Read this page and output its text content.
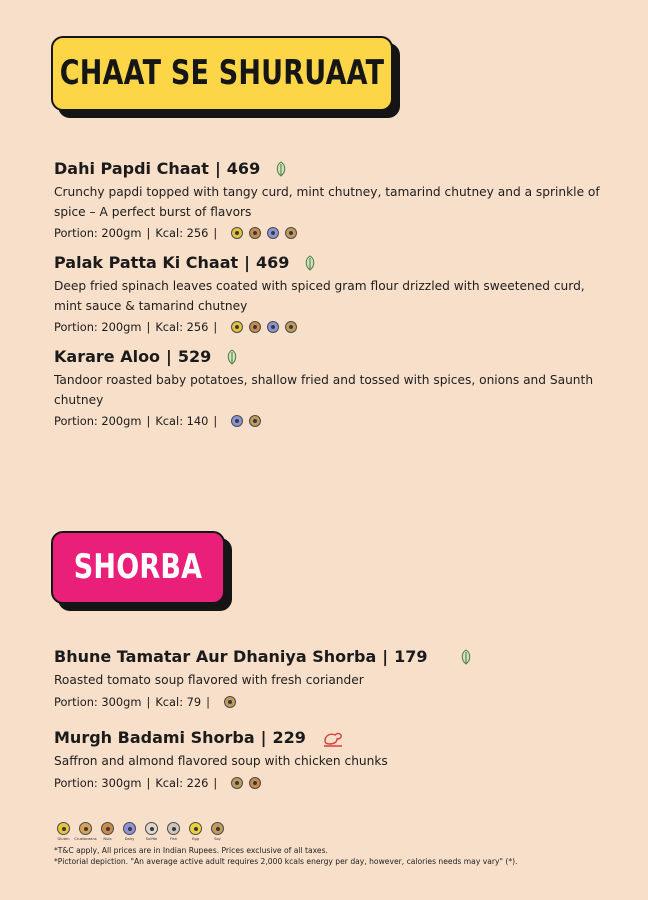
CHAAT SE SHURUAAT
Dahi Papdi Chaat | 469
Crunchy papdi topped with tangy curd, mint chutney, tamarind chutney and a sprinkle of spice – A perfect burst of flavors
Portion: 200gm | Kcal: 256 |
Palak Patta Ki Chaat | 469
Deep fried spinach leaves coated with spiced gram flour drizzled with sweetened curd, mint sauce & tamarind chutney
Portion: 200gm | Kcal: 256 |
Karare Aloo | 529
Tandoor roasted baby potatoes, shallow fried and tossed with spices, onions and Saunth chutney
Portion: 200gm | Kcal: 140 |
SHORBA
Bhune Tamatar Aur Dhaniya Shorba | 179
Roasted tomato soup flavored with fresh coriander
Portion: 300gm | Kcal: 79 |
Murgh Badami Shorba | 229
Saffron and almond flavored soup with chicken chunks
Portion: 300gm | Kcal: 226 |
Gluten Crustaceans Nuts	Dairy	Sulfite	Fish	Egg	Soy
*T&C apply, All prices are in Indian Rupees. Prices exclusive of all taxes.
*Pictorial depiction. "An average active adult requires 2,000 kcals energy per day, however, calories needs may vary" (*).
